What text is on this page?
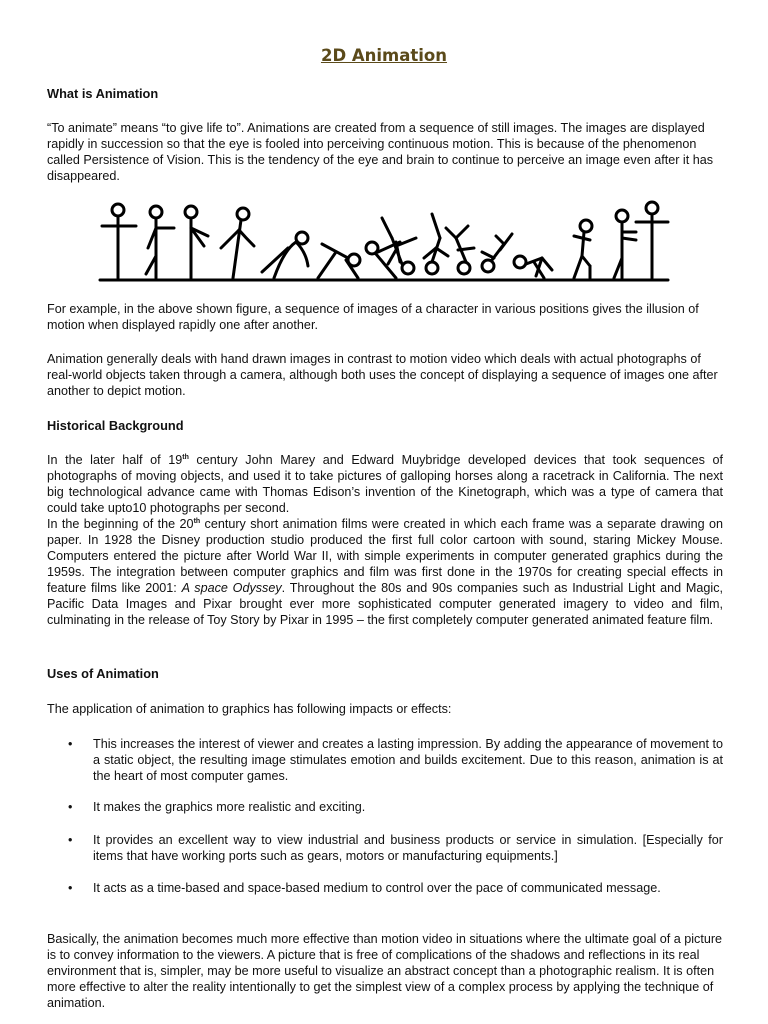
2D Animation
What is Animation

“To animate” means “to give life to”. Animations are created from a sequence of still images. The images are displayed rapidly in succession so that the eye is fooled into perceiving continuous motion. This is because of the phenomenon called Persistence of Vision. This is the tendency of the eye and brain to continue to perceive an image even after it has disappeared.

For example, in the above shown figure, a sequence of images of a character in various positions gives the illusion of motion when displayed rapidly one after another.

Animation generally deals with hand drawn images in contrast to motion video which deals with actual photographs of real-world objects taken through a camera, although both uses the concept of displaying a sequence of images one after another to depict motion.

Historical Background

In the later half of 19th century John Marey and Edward Muybridge developed devices that took sequences of photographs of moving objects, and used it to take pictures of galloping horses along a racetrack in California. The next big technological advance came with Thomas Edison’s invention of the Kinetograph, which was a type of camera that could take upto10 photographs per second.

In the beginning of the 20th century short animation films were created in which each frame was a separate drawing on paper. In 1928 the Disney production studio produced the first full color cartoon with sound, staring Mickey Mouse. Computers entered the picture after World War II, with simple experiments in computer generated graphics during the 1959s. The integration between computer graphics and film was first done in the 1970s for creating special effects in feature films like 2001: A space Odyssey. Throughout the 80s and 90s companies such as Industrial Light and Magic, Pacific Data Images and Pixar brought ever more sophisticated computer generated imagery to video and film, culminating in the release of Toy Story by Pixar in 1995 – the first completely computer generated animated feature film.

Uses of Animation

The application of animation to graphics has following impacts or effects:

• This increases the interest of viewer and creates a lasting impression. By adding the appearance of movement to a static object, the resulting image stimulates emotion and builds excitement. Due to this reason, animation is at the heart of most computer games.
• It makes the graphics more realistic and exciting.
• It provides an excellent way to view industrial and business products or service in simulation. [Especially for items that have working ports such as gears, motors or manufacturing equipments.]
• It acts as a time-based and space-based medium to control over the pace of communicated message.

Basically, the animation becomes much more effective than motion video in situations where the ultimate goal of a picture is to convey information to the viewers. A picture that is free of complications of the shadows and reflections in its real environment that is, simpler, may be more useful to visualize an abstract concept than a photographic realism. It is often more effective to alter the reality intentionally to get the simplest view of a complex process by applying the technique of animation.
